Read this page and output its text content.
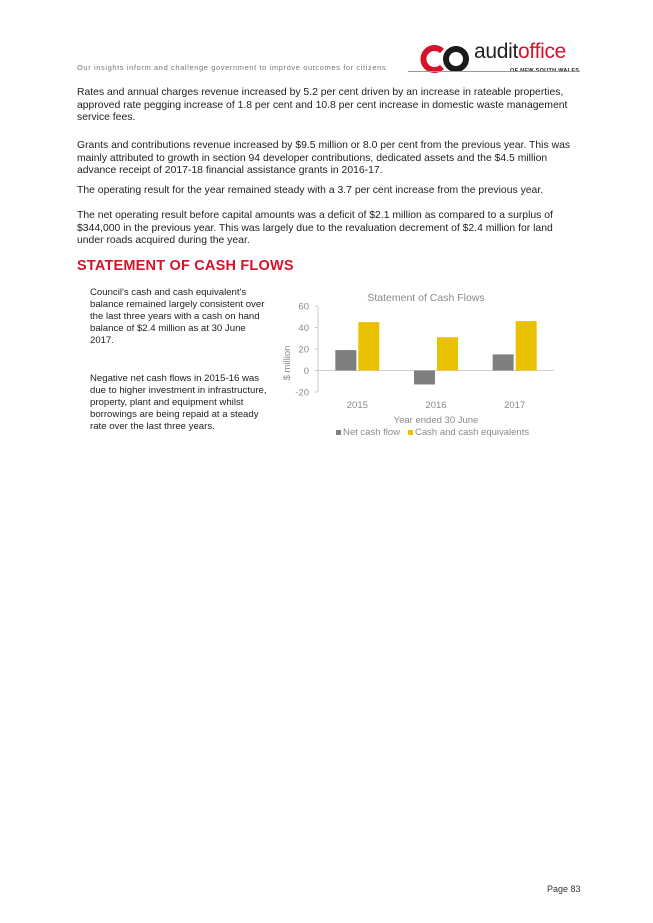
Our insights inform and challenge government to improve outcomes for citizens
auditoffice

Rates and annual charges revenue increased by 5.2 per cent driven by an increase in rateable properties, approved rate pegging increase of 1.8 per cent and 10.8 per cent increase in domestic waste management service fees.

Grants and contributions revenue increased by $9.5 million or 8.0 per cent from the previous year. This was mainly attributed to growth in section 94 developer contributions, dedicated assets and the $4.5 million advance receipt of 2017-18 financial assistance grants in 2016-17.

The operating result for the year remained steady with a 3.7 per cent increase from the previous year.

The net operating result before capital amounts was a deficit of $2.1 million as compared to a surplus of $344,000 in the previous year. This was largely due to the revaluation decrement of $2.4 million for land under roads acquired during the year.

STATEMENT OF CASH FLOWS

Council's cash and cash equivalent's balance remained largely consistent over the last three years with a cash on hand balance of $2.4 million as at 30 June 2017.

Negative net cash flows in 2015-16 was due to higher investment in infrastructure, property, plant and equipment whilst borrowings are being repaid at a steady rate over the last three years.

Statement of Cash Flows
-20
0
20
40
60
$ million
2015	2016	2017
Year ended 30 June
Net cash flow Cash and cash equivalents
Page 83
